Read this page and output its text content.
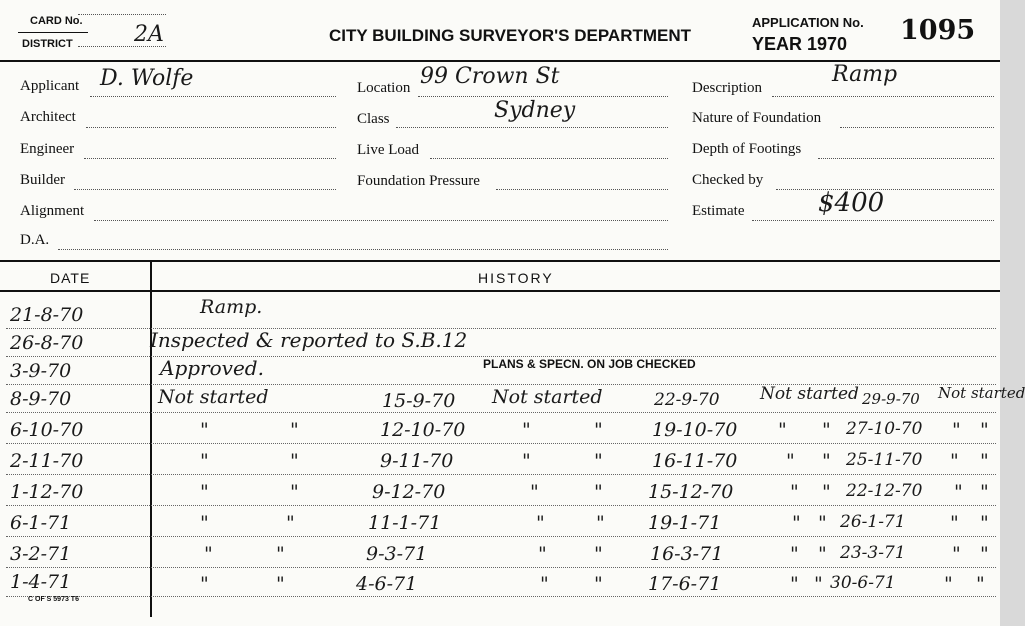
CARD No.
DISTRICT	2A	CITY BUILDING SURVEYOR'S DEPARTMENT
APPLICATION No.
YEAR 1970 1095
Applicant D. Wolfe
Architect
Engineer
Builder
Alignment
D.A.
Location 99 Crown St
Class	Sydney
Live Load
Foundation Pressure
Description
Ramp
Nature of Foundation
Depth of Footings
Checked by
Estimate	$400
DATE	HISTORY
21-8-70	Ramp.
26-8-70	Inspected & reported to S.B.12
3-9-70	Approved.	PLANS & SPECN. ON JOB CHECKED
8-9-70	Not started	15-9-70 Not started	22-9-70 Not started 29-9-70 Not started
6-10-70	"	"	12-10-70	"	"	19-10-70 " " 27-10-70 " "
2-11-70	"	"	9-11-70	"	"	16-11-70	" " 25-11-70 " "
1-12-70	"	"	9-12-70	"	" 15-12-70	" " 22-12-70 " "
6-1-71	"	"	11-1-71	"	" 19-1-71	" " 26-1-71 " "
3-2-71	"	"	9-3-71	" " 16-3-71	" " 23-3-71 " "
1-4-71	"	"	4-6-71	" " 17-6-71	" " 30-6-71	" "
C OF S 5973 T6
